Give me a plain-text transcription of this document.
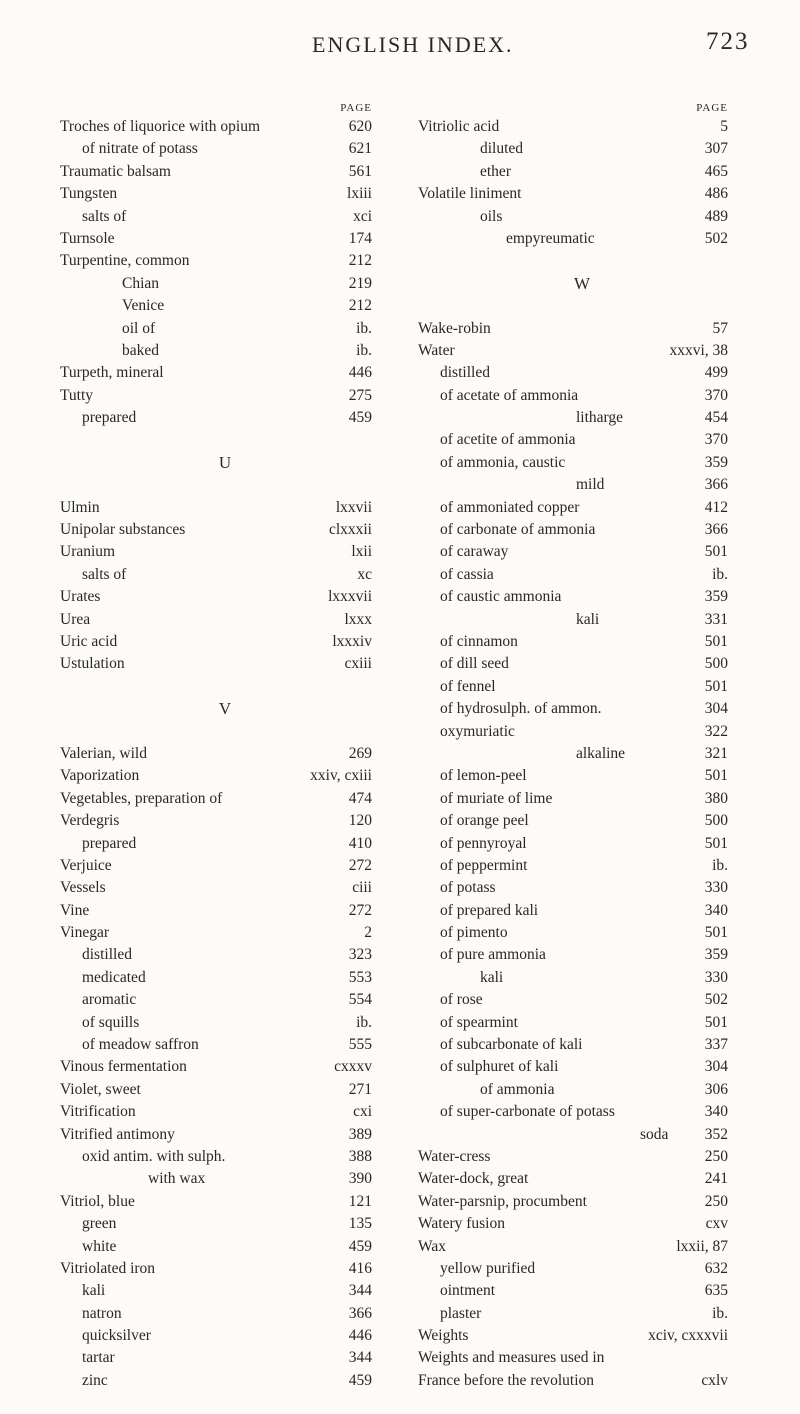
ENGLISH INDEX.	723
PAGE
Troches of liquorice with opium	620
of nitrate of potass	621
Traumatic balsam	561
Tungsten	lxiii
salts of	xci
Turnsole	174
Turpentine, common	212
Chian	219
Venice	212
oil of	ib.
baked	ib.
Turpeth, mineral	446
Tutty	275
prepared	459
U
Ulmin	lxxvii
Unipolar substances	clxxxii
Uranium	lxii
salts of	xc
Urates	lxxxvii
Urea	lxxx
Uric acid	lxxxiv
Ustulation	cxiii
V
Valerian, wild	269
Vaporization	xxiv, cxiii
Vegetables, preparation of	474
Verdegris	120
prepared	410
Verjuice	272
Vessels	ciii
Vine	272
Vinegar	2
distilled	323
medicated	553
aromatic	554
of squills	ib.
of meadow saffron	555
Vinous fermentation	cxxxv
Violet, sweet	271
Vitrification	cxi
Vitrified antimony	389
oxid antim. with sulph.	388
with wax	390
Vitriol, blue	121
green	135
white	459
Vitriolated iron	416
kali	344
natron	366
quicksilver	446
tartar	344
zinc	459
PAGE
Vitriolic acid	5
diluted	307
ether	465
Volatile liniment	486
oils	489
empyreumatic	502
W
Wake-robin	57
Water	xxxvi, 38
distilled	499
of acetate of ammonia	370
litharge	454
of acetite of ammonia	370
of ammonia, caustic	359
mild	366
of ammoniated copper	412
of carbonate of ammonia	366
of caraway	501
of cassia	ib.
of caustic ammonia	359
kali	331
of cinnamon	501
of dill seed	500
of fennel	501
of hydrosulph. of ammon.	304
oxymuriatic	322
alkaline	321
of lemon-peel	501
of muriate of lime	380
of orange peel	500
of pennyroyal	501
of peppermint	ib.
of potass	330
of prepared kali	340
of pimento	501
of pure ammonia	359
kali	330
of rose	502
of spearmint	501
of subcarbonate of kali	337
of sulphuret of kali	304
of ammonia	306
of super-carbonate of potass	340
soda 352
Water-cress	250
Water-dock, great	241
Water-parsnip, procumbent	250
Watery fusion	cxv
Wax	lxxii, 87
yellow purified	632
ointment	635
plaster	ib.
Weights	xciv, cxxxvii
Weights and measures used in
France before the revolution	cxlv
